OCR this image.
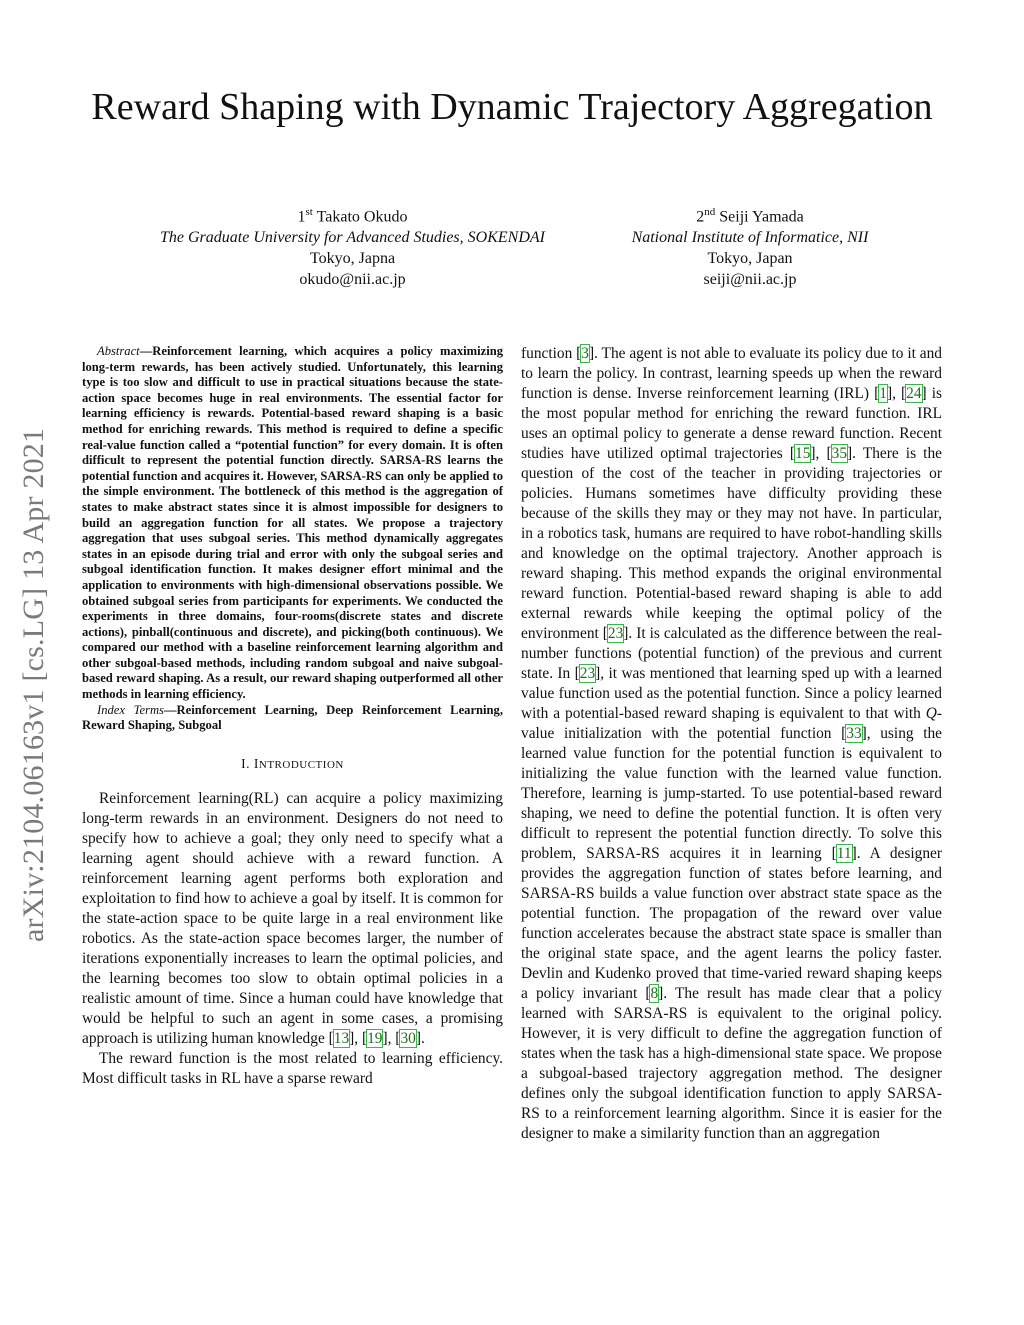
Reward Shaping with Dynamic Trajectory Aggregation
1st Takato Okudo
The Graduate University for Advanced Studies, SOKENDAI
Tokyo, Japna
okudo@nii.ac.jp
2nd Seiji Yamada
National Institute of Informatice, NII
Tokyo, Japan
seiji@nii.ac.jp
arXiv:2104.06163v1 [cs.LG] 13 Apr 2021

Abstract—Reinforcement learning, which acquires a policy maximizing long-term rewards, has been actively studied. Unfortunately, this learning type is too slow and difficult to use in practical situations because the state-action space becomes huge in real environments. The essential factor for learning efficiency is rewards. Potential-based reward shaping is a basic method for enriching rewards. This method is required to define a specific real-value function called a “potential function” for every domain. It is often difficult to represent the potential function directly. SARSA-RS learns the potential function and acquires it. However, SARSA-RS can only be applied to the simple environment. The bottleneck of this method is the aggregation of states to make abstract states since it is almost impossible for designers to build an aggregation function for all states. We propose a trajectory aggregation that uses subgoal series. This method dynamically aggregates states in an episode during trial and error with only the subgoal series and subgoal identification function. It makes designer effort minimal and the application to environments with high-dimensional observations possible. We obtained subgoal series from participants for experiments. We conducted the experiments in three domains, four-rooms(discrete states and discrete actions), pinball(continuous and discrete), and picking(both continuous). We compared our method with a baseline reinforcement learning algorithm and other subgoal-based methods, including random subgoal and naive subgoal-based reward shaping. As a result, our reward shaping outperformed all other methods in learning efficiency.

Index Terms—Reinforcement Learning, Deep Reinforcement Learning, Reward Shaping, Subgoal

I. INTRODUCTION

Reinforcement learning(RL) can acquire a policy maximizing long-term rewards in an environment. Designers do not need to specify how to achieve a goal; they only need to specify what a learning agent should achieve with a reward function. A reinforcement learning agent performs both exploration and exploitation to find how to achieve a goal by itself. It is common for the state-action space to be quite large in a real environment like robotics. As the state-action space becomes larger, the number of iterations exponentially increases to learn the optimal policies, and the learning becomes too slow to obtain optimal policies in a realistic amount of time. Since a human could have knowledge that would be helpful to such an agent in some cases, a promising approach is utilizing human knowledge [13], [19], [30].

The reward function is the most related to learning efficiency. Most difficult tasks in RL have a sparse reward

function [3]. The agent is not able to evaluate its policy due to it and to learn the policy. In contrast, learning speeds up when the reward function is dense. Inverse reinforcement learning (IRL) [1], [24] is the most popular method for enriching the reward function. IRL uses an optimal policy to generate a dense reward function. Recent studies have utilized optimal trajectories [15], [35]. There is the question of the cost of the teacher in providing trajectories or policies. Humans sometimes have difficulty providing these because of the skills they may or they may not have. In particular, in a robotics task, humans are required to have robot-handling skills and knowledge on the optimal trajectory. Another approach is reward shaping. This method expands the original environmental reward function. Potential-based reward shaping is able to add external rewards while keeping the optimal policy of the environment [23]. It is calculated as the difference between the real-number functions (potential function) of the previous and current state. In [23], it was mentioned that learning sped up with a learned value function used as the potential function. Since a policy learned with a potential-based reward shaping is equivalent to that with Q-value initialization with the potential function [33], using the learned value function for the potential function is equivalent to initializing the value function with the learned value function. Therefore, learning is jump-started. To use potential-based reward shaping, we need to define the potential function. It is often very difficult to represent the potential function directly. To solve this problem, SARSA-RS acquires it in learning [11]. A designer provides the aggregation function of states before learning, and SARSA-RS builds a value function over abstract state space as the potential function. The propagation of the reward over value function accelerates because the abstract state space is smaller than the original state space, and the agent learns the policy faster. Devlin and Kudenko proved that time-varied reward shaping keeps a policy invariant [8]. The result has made clear that a policy learned with SARSA-RS is equivalent to the original policy. However, it is very difficult to define the aggregation function of states when the task has a high-dimensional state space. We propose a subgoal-based trajectory aggregation method. The designer defines only the subgoal identification function to apply SARSA-RS to a reinforcement learning algorithm. Since it is easier for the designer to make a similarity function than an aggregation
